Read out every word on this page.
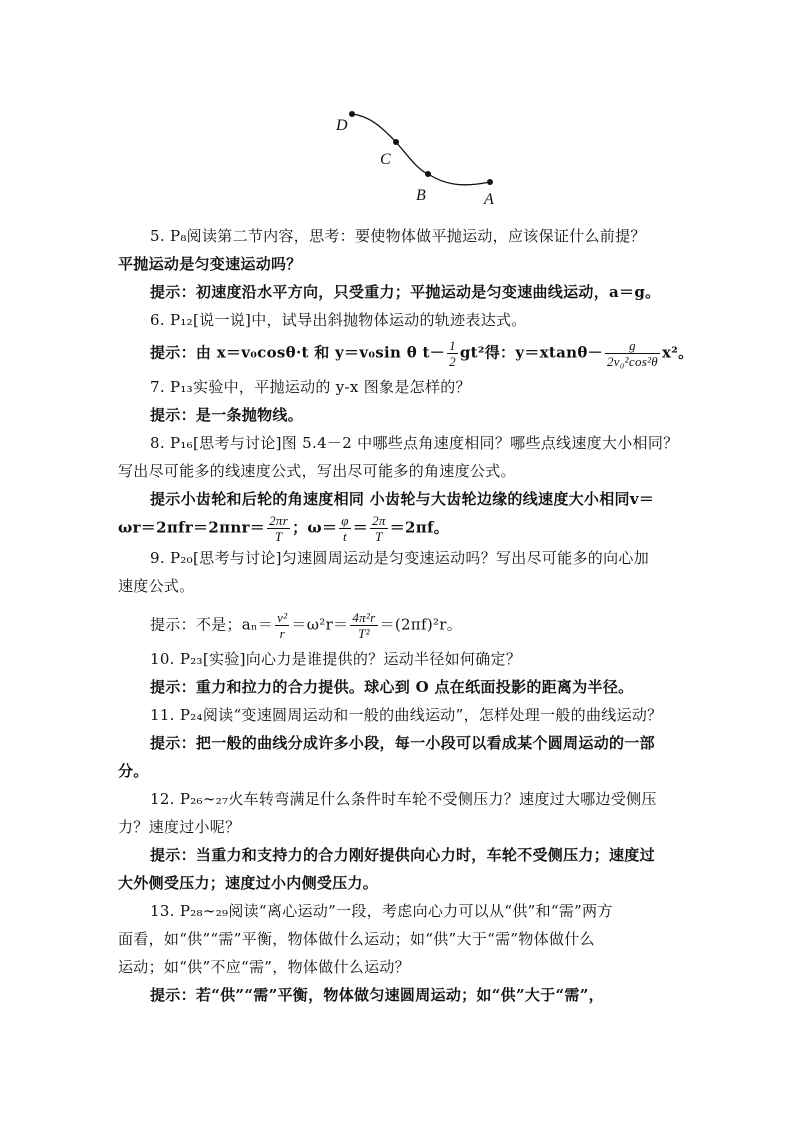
D
C
B	A
5. P₈阅读第二节内容，思考：要使物体做平抛运动，应该保证什么前提？
平抛运动是匀变速运动吗？
提示：初速度沿水平方向，只受重力；平抛运动是匀变速曲线运动，a＝g。
6. P₁₂[说一说]中，试导出斜抛物体运动的轨迹表达式。
提示：由 x＝v₀cosθ·t 和 y＝v₀sin θ $t- \frac{1}{2} gt^2$得：$y=xtan\theta- \frac{g}{\text{2v₀²cos²θ}} x^2$。
7. P₁₃实验中，平抛运动的 y-x 图象是怎样的？
提示：是一条抛物线。
8. P₁₆[思考与讨论]图 5.4－2 中哪些点角速度相同？哪些点线速度大小相同？
写出尽可能多的线速度公式，写出尽可能多的角速度公式。
提示小齿轮和后轮的角速度相同 小齿轮与大齿轮边缘的线速度大小相同v＝
$\omega r=2\pi fr=2\pi nr= \frac{2\pi r}{T}$ ；$\omega= \frac{\varphi}{t} = \frac{2\pi}{T} =2\pi f$。
9. P₂₀[思考与讨论]匀速圆周运动是匀变速运动吗？写出尽可能多的向心加
速度公式。
提示：不是；$a_n= \frac{\text{v²}}{r} =\omega^2r= \frac{\text{4π²r}}{\text{T²}} =(2\pi f)^2r$。
10. P₂₃[实验]向心力是谁提供的？运动半径如何确定？
提示：重力和拉力的合力提供。球心到 O 点在纸面投影的距离为半径。
11. P₂₄阅读“变速圆周运动和一般的曲线运动”，怎样处理一般的曲线运动？
提示：把一般的曲线分成许多小段，每一小段可以看成某个圆周运动的一部
分。
12. P₂₆∼₂₇火车转弯满足什么条件时车轮不受侧压力？速度过大哪边受侧压
力？速度过小呢？
提示：当重力和支持力的合力刚好提供向心力时，车轮不受侧压力；速度过
大外侧受压力；速度过小内侧受压力。
13. P₂₈∼₂₉阅读“离心运动”一段，考虑向心力可以从“供”和“需”两方
面看，如“供”“需”平衡，物体做什么运动；如“供”大于“需”物体做什么
运动；如“供”不应“需”，物体做什么运动？
提示：若“供”“需”平衡，物体做匀速圆周运动；如“供”大于“需”，
